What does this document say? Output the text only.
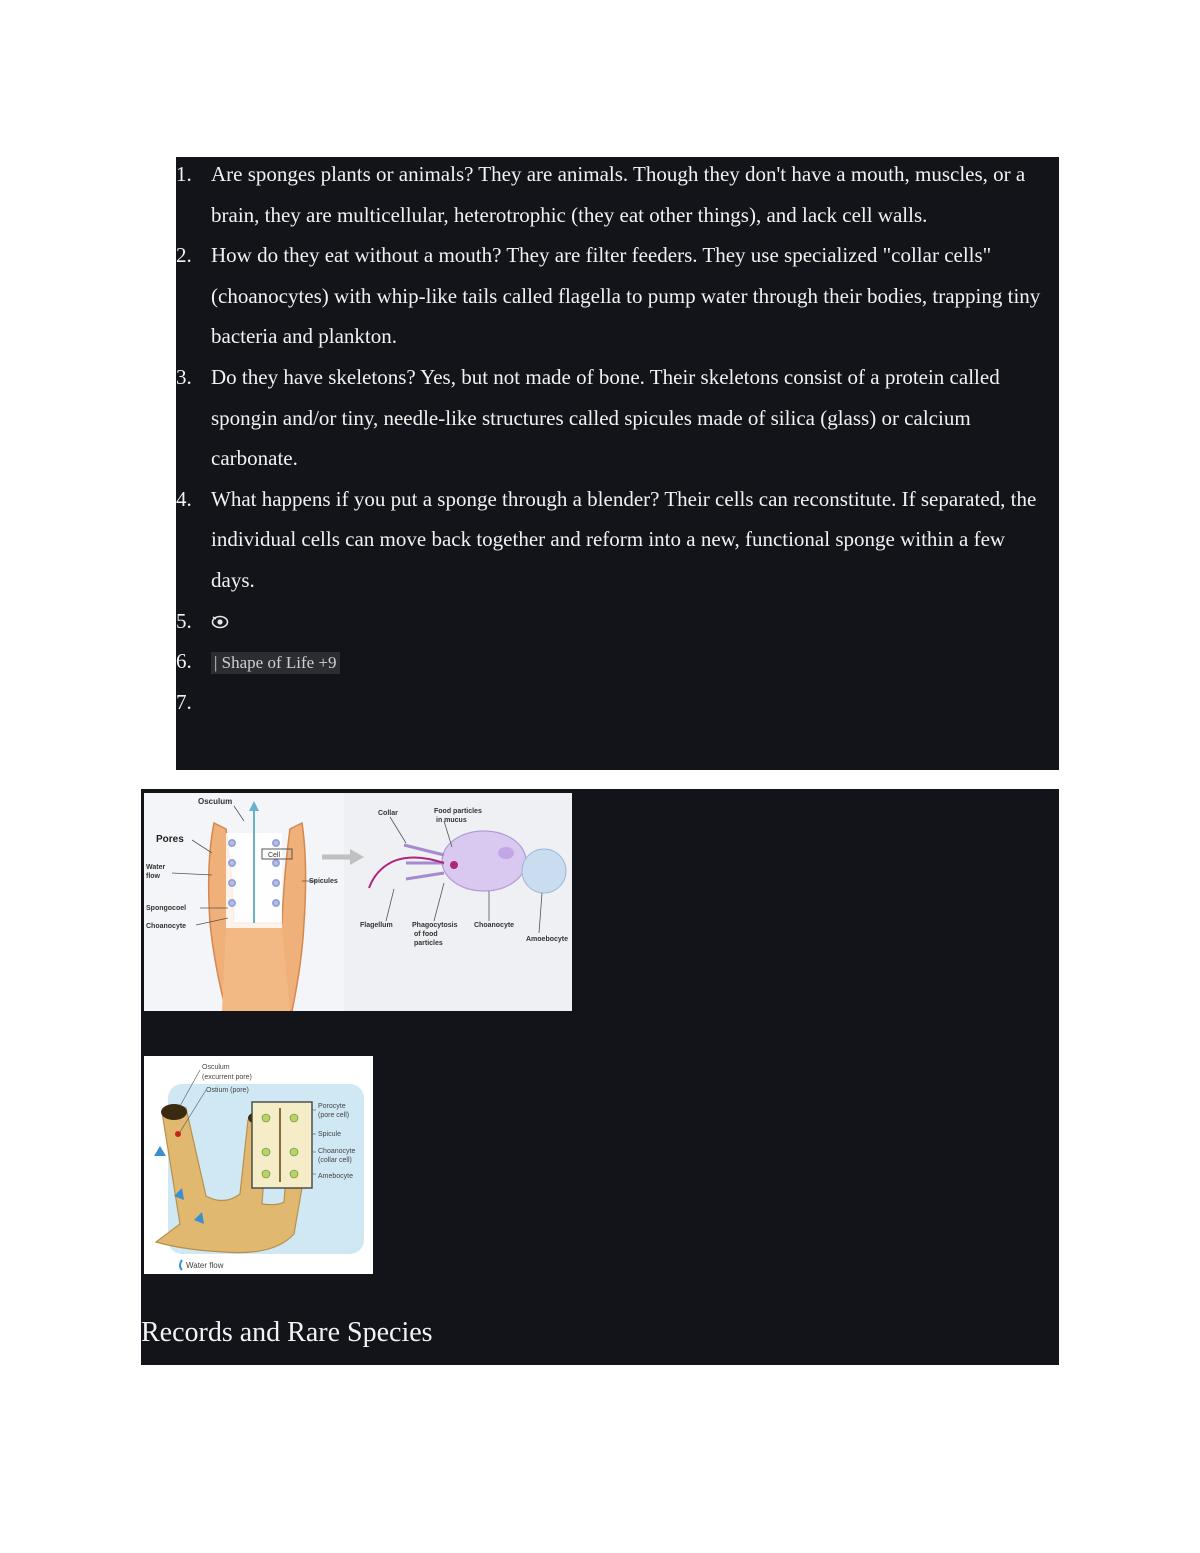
1. Are sponges plants or animals? They are animals. Though they don't have a mouth, muscles, or a brain, they are multicellular, heterotrophic (they eat other things), and lack cell walls.
2. How do they eat without a mouth? They are filter feeders. They use specialized "collar cells" (choanocytes) with whip-like tails called flagella to pump water through their bodies, trapping tiny bacteria and plankton.
3. Do they have skeletons? Yes, but not made of bone. Their skeletons consist of a protein called spongin and/or tiny, needle-like structures called spicules made of silica (glass) or calcium carbonate.
4. What happens if you put a sponge through a blender? Their cells can reconstitute. If separated, the individual cells can move back together and reform into a new, functional sponge within a few days.
5.
6. | Shape of Life +9
7.
Cell
Osculum
Pores
Water
flow
Spongocoel
Choanocyte
Spicules
Collar	Food particles
in mucus
Flagellum	Phagocytosis
of food
particles
Choanocyte
Amoebocyte
Osculum
(excurrent pore)
Ostium (pore)
Porocyte
(pore cell)
Spicule
Choanocyte
(collar cell)
Amebocyte
Water flow
Records and Rare Species
